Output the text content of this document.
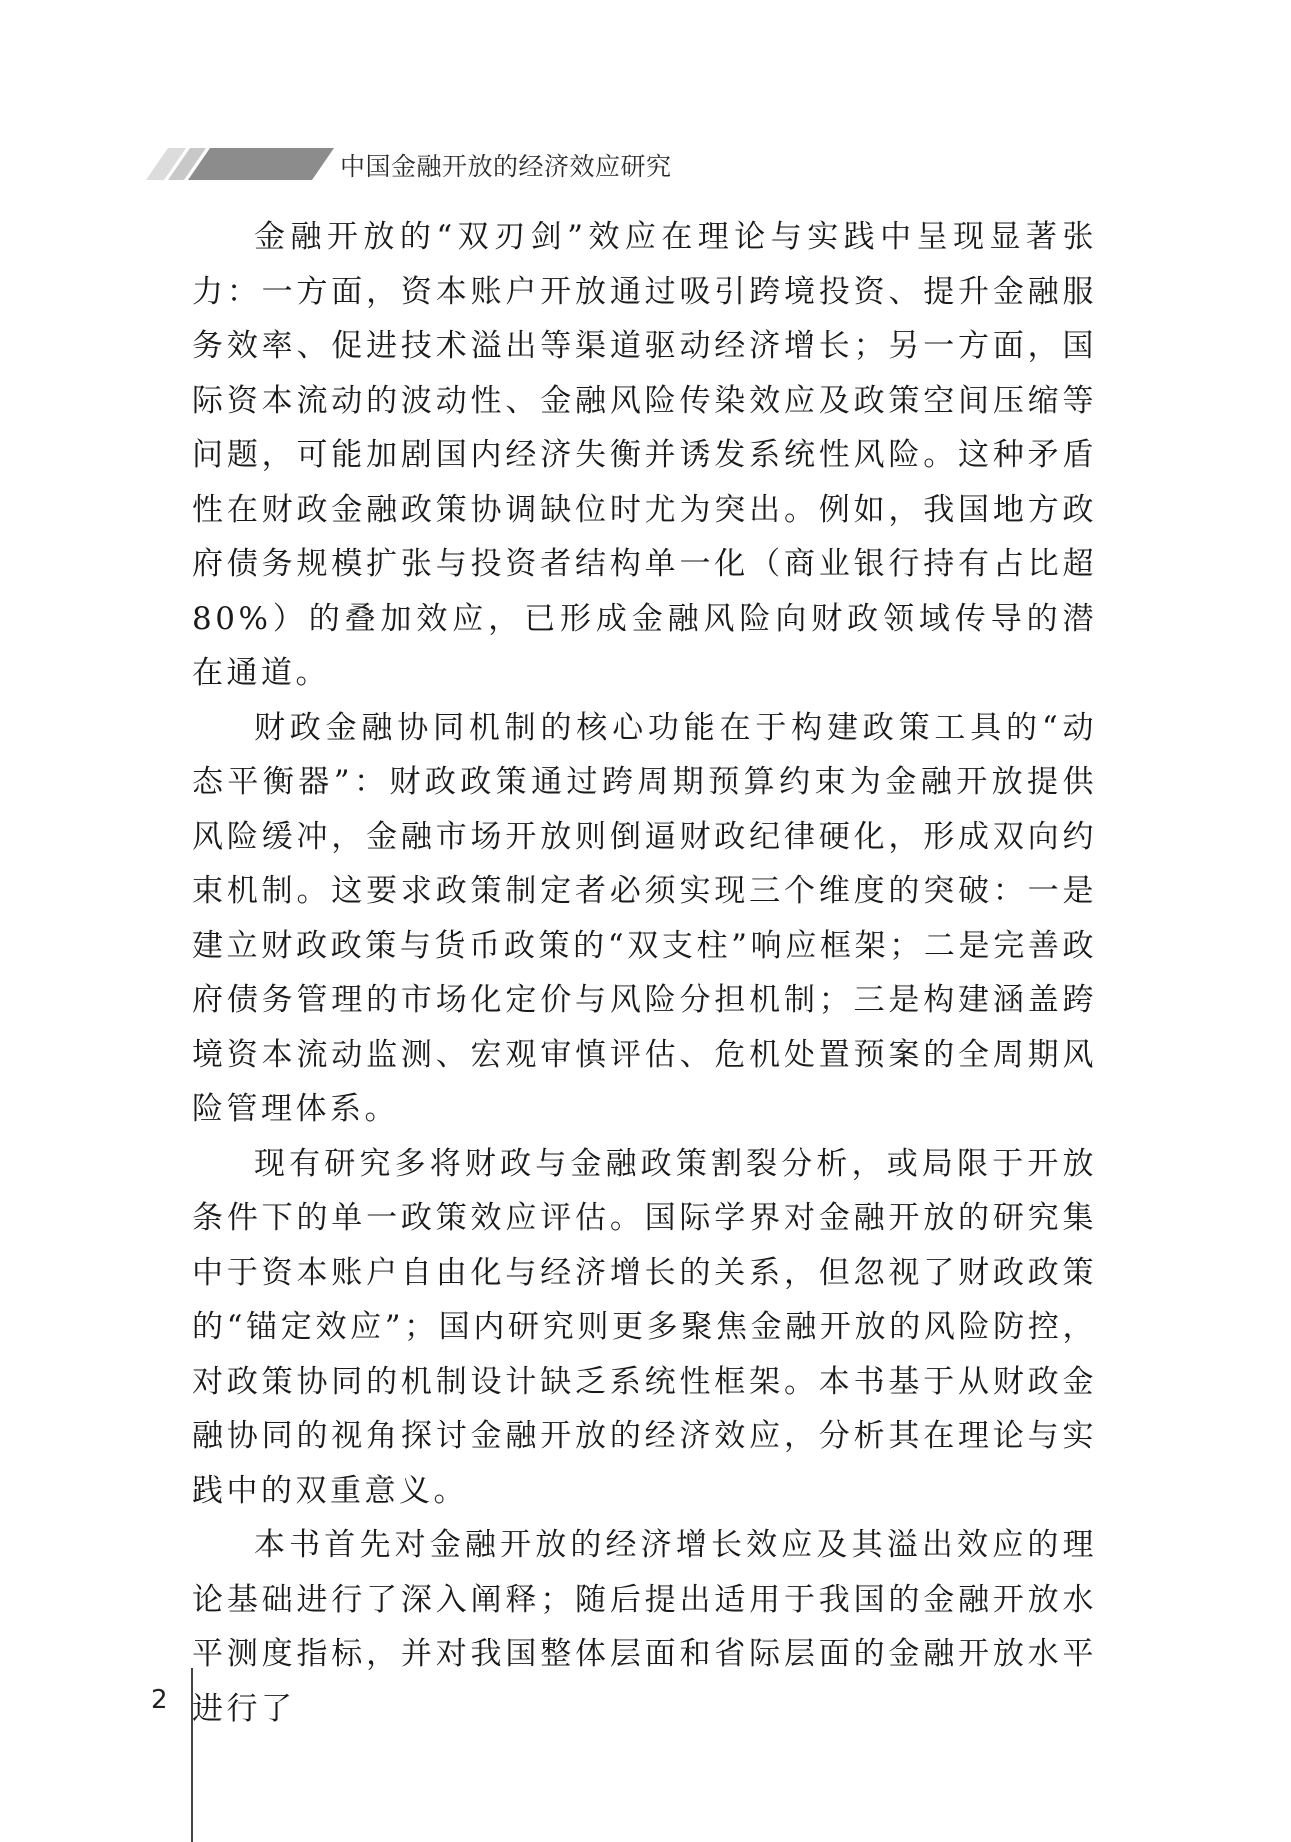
中国金融开放的经济效应研究

金融开放的“双刃剑”效应在理论与实践中呈现显著张力：一方面，资本账户开放通过吸引跨境投资、提升金融服务效率、促进技术溢出等渠道驱动经济增长；另一方面，国际资本流动的波动性、金融风险传染效应及政策空间压缩等问题，可能加剧国内经济失衡并诱发系统性风险。这种矛盾性在财政金融政策协调缺位时尤为突出。例如，我国地方政府债务规模扩张与投资者结构单一化（商业银行持有占比超 80%）的叠加效应，已形成金融风险向财政领域传导的潜在通道。

财政金融协同机制的核心功能在于构建政策工具的“动态平衡器”：财政政策通过跨周期预算约束为金融开放提供风险缓冲，金融市场开放则倒逼财政纪律硬化，形成双向约束机制。这要求政策制定者必须实现三个维度的突破：一是建立财政政策与货币政策的“双支柱”响应框架；二是完善政府债务管理的市场化定价与风险分担机制；三是构建涵盖跨境资本流动监测、宏观审慎评估、危机处置预案的全周期风险管理体系。

现有研究多将财政与金融政策割裂分析，或局限于开放条件下的单一政策效应评估。国际学界对金融开放的研究集中于资本账户自由化与经济增长的关系，但忽视了财政政策的“锚定效应”；国内研究则更多聚焦金融开放的风险防控，对政策协同的机制设计缺乏系统性框架。本书基于从财政金融协同的视角探讨金融开放的经济效应，分析其在理论与实践中的双重意义。

本书首先对金融开放的经济增长效应及其溢出效应的理论基础进行了深入阐释；随后提出适用于我国的金融开放水平测度指标，并对我国整体层面和省际层面的金融开放水平进行了

2
